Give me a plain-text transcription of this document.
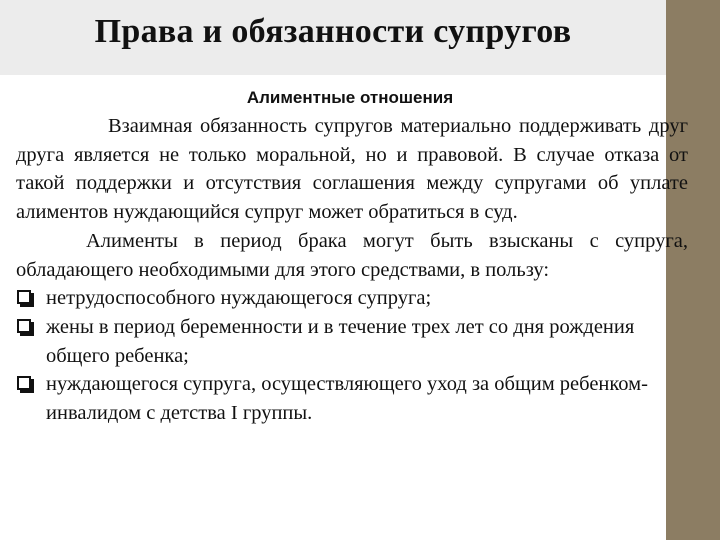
Права и обязанности супругов
Алиментные отношения

Взаимная обязанность супругов материально поддерживать друг друга является не только моральной, но и правовой. В случае отказа от такой поддержки и отсутствия соглашения между супругами об уплате алиментов нуждающийся супруг может обратиться в суд.

Алименты в период брака могут быть взысканы с супруга, обладающего необходимыми для этого средствами, в пользу:

нетрудоспособного нуждающегося супруга;
жены в период беременности и в течение трех лет со дня рождения общего ребенка;
нуждающегося супруга, осуществляющего уход за общим ребенком-инвалидом с детства I группы.
